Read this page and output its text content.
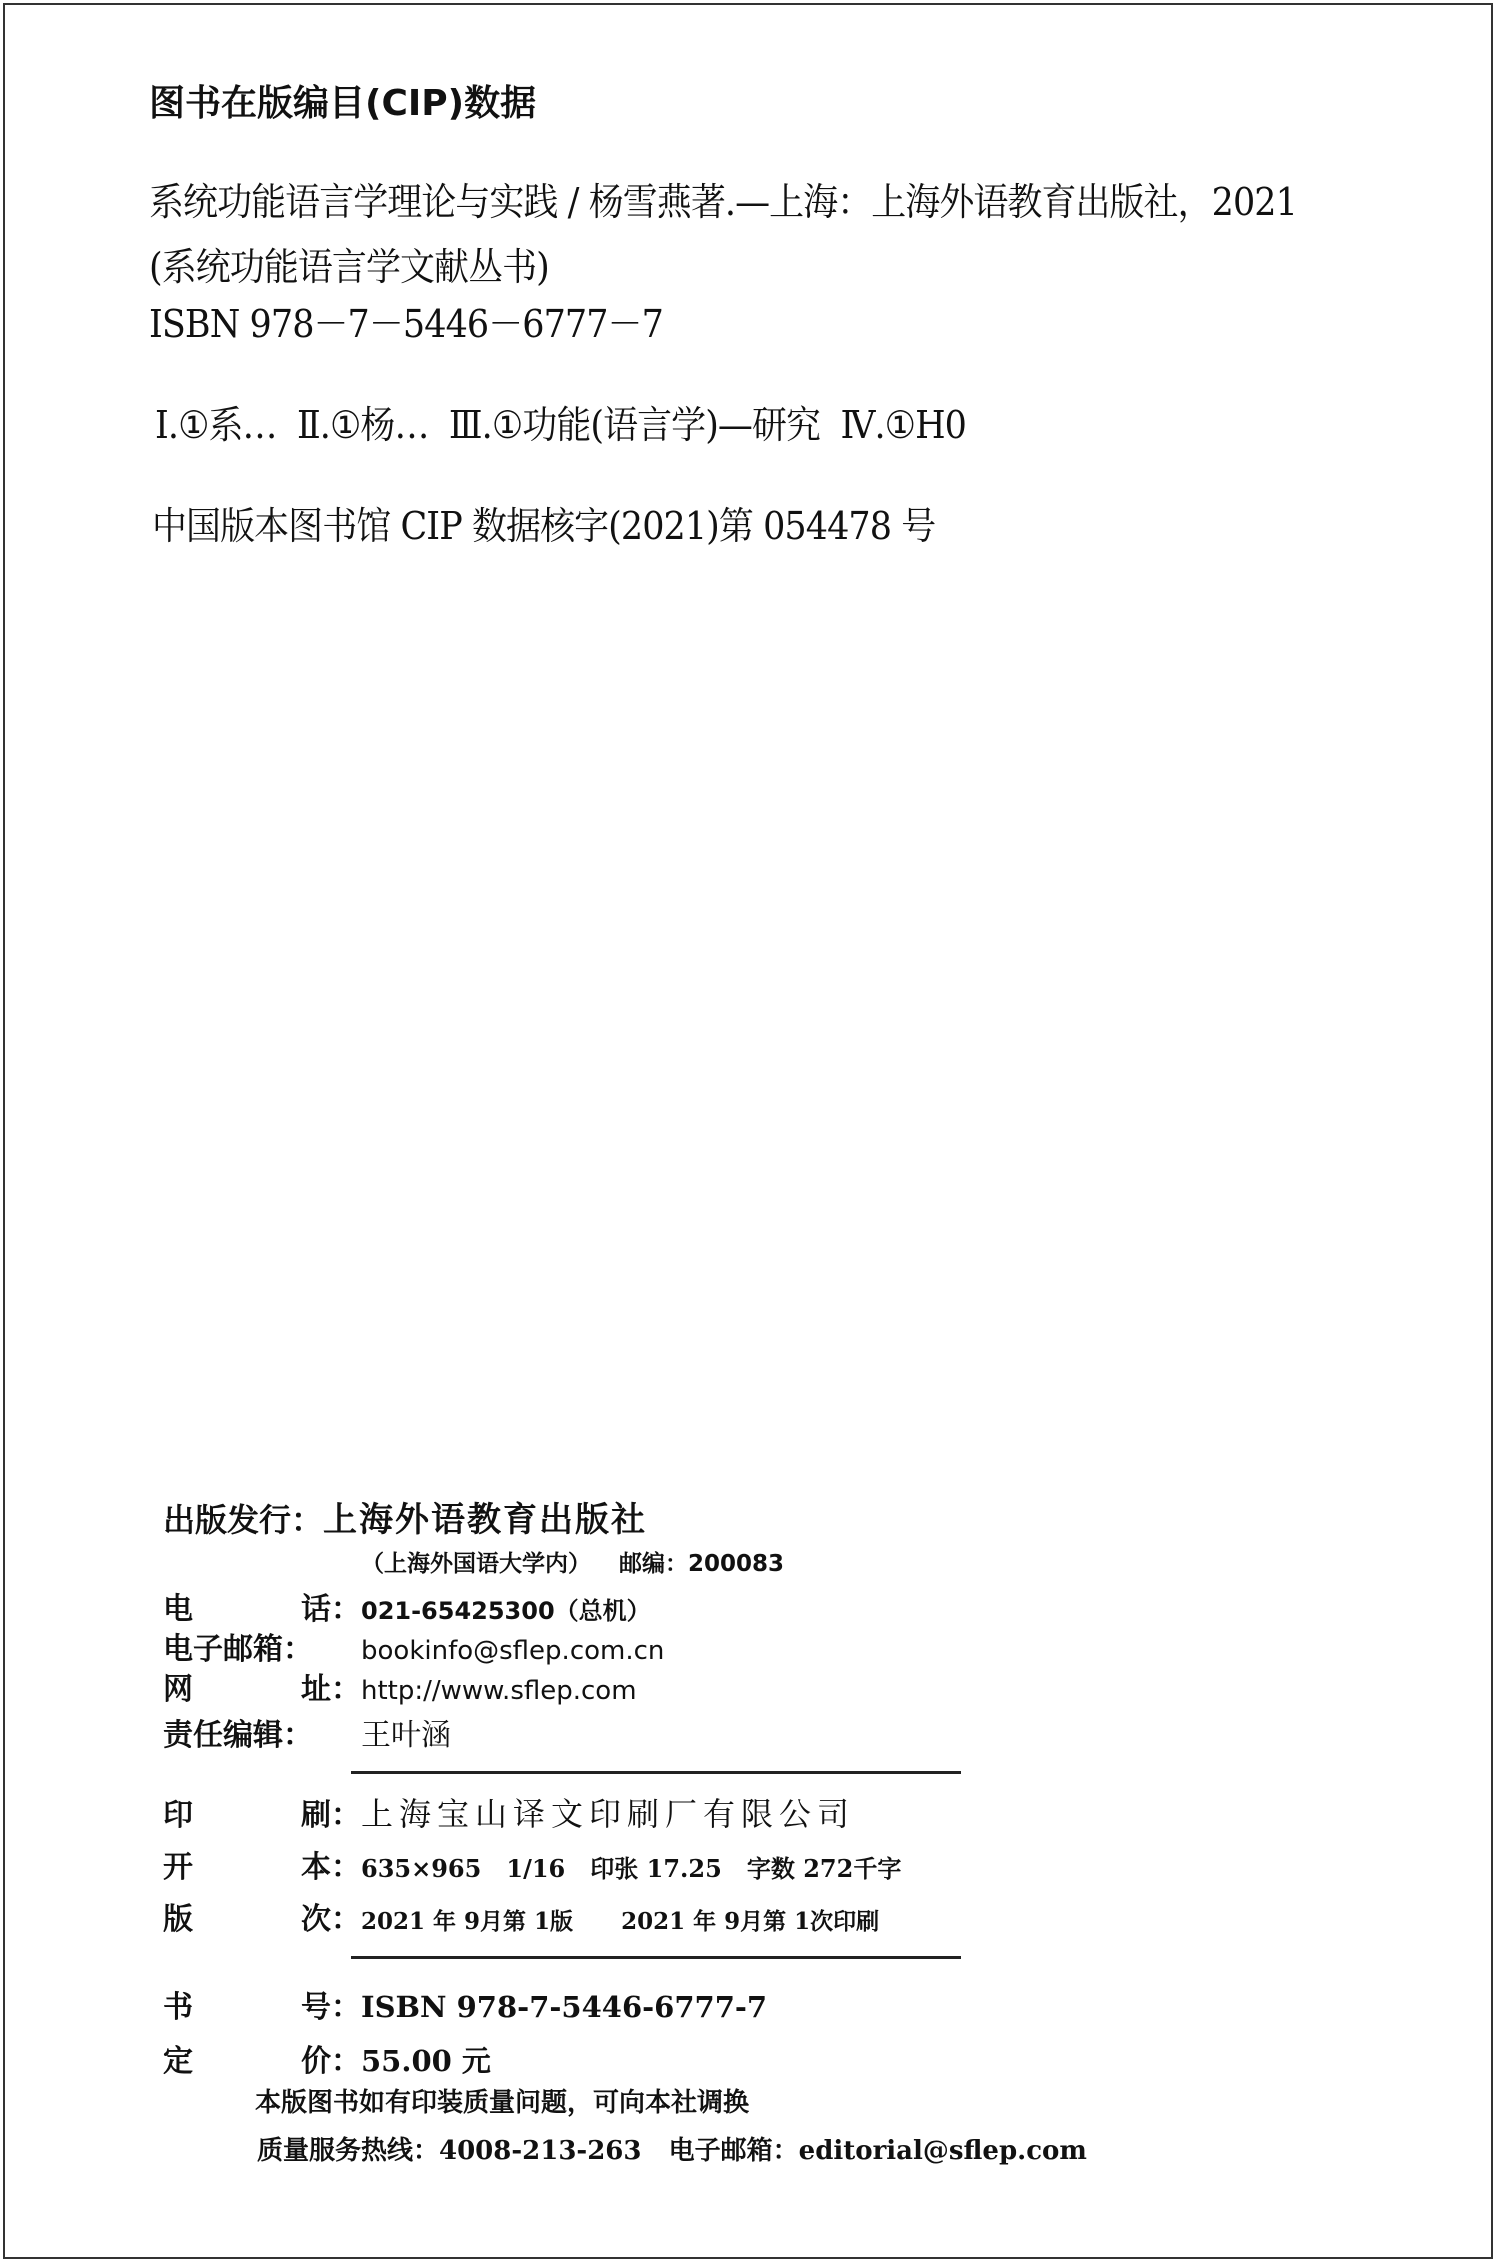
图书在版编目(CIP)数据
系统功能语言学理论与实践 / 杨雪燕著.—上海：上海外语教育出版社，2021
(系统功能语言学文献丛书)
ISBN 978－7－5446－6777－7
Ⅰ.①系…  Ⅱ.①杨…  Ⅲ.①功能(语言学)—研究  Ⅳ.①H0
中国版本图书馆 CIP 数据核字(2021)第 054478 号
出版发行： 上海外语教育出版社
（上海外国语大学内） 邮编： 200083
电	话： 021-65425300（总机）
电子邮箱：	bookinfo@sflep.com.cn
网	址： http://www.sflep.com
责任编辑：	王叶涵
印	刷： 上海宝山译文印刷厂有限公司
开	本： 635×965   1/16   印张 17.25   字数 272千字
版	次： 2021 年 9月第 1版      2021 年 9月第 1次印刷
书	号： ISBN 978-7-5446-6777-7
定	价： 55.00 元
本版图书如有印装质量问题，可向本社调换
质量服务热线：4008-213-263   电子邮箱：editorial@sflep.com
